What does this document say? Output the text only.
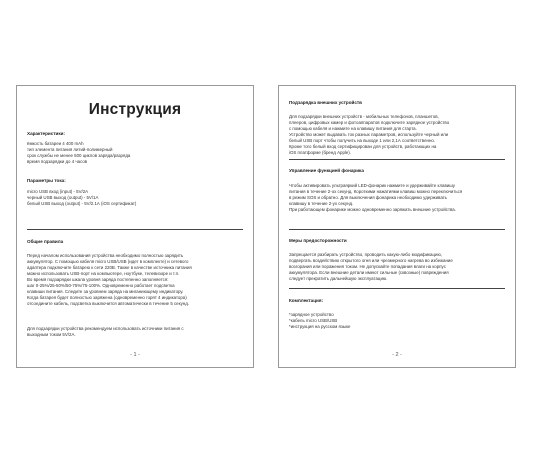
Инструкция
Характеристики:
ёмкость батареи 4 400 mAh
тип элемента питания литий-полимерный
срок службы не менее 500 циклов заряда/разряда
время подзарядки до 4 часов
Параметры тока:
micro USB вход (input) - 5V/2А
черный USB выход (output) - 5V/1А
белый USB выход (output) - 5V/2.1А (iOS сертификат)
Общие правила
Перед началом использования устройства необходимо полностью зарядить
аккумулятор. С помощью кабеля micro USB/USB (идет в комплекте) и сетевого
адаптера подключите батарею к сети 220В. Также в качестве источника питания
можно использовать USB-порт на компьютере, ноутбуке, телевизоре и т.п.
Во время подзарядки шкала уровня заряда постепенно заполняется:
шаг 0-25%/25-50%/50-75%/75-100%. Одновременно работает подсветка
клавиши питания. Следите за уровнем заряда на миганиющему индикатору.
Когда батарея будет полностью заряжена (одновременно горят 4 индикатора)
отсоедините кабель, подсветка выключится автоматически в течение 5 секунд.
Для подзарядки устройства рекомендуем использовать источники питания с
выходным током 5V/2А.

- 1 -

Подзарядка внешних устройств
Для подзарядки внешних устройств - мобильных телефонов, планшетов,
плееров, цифровых камер и фотоаппаратов подключите зарядное устройство
с помощью кабеля и нажмите на клавишу питания для старта.
Устройство может выдавать ток разных параметров, используйте черный или
белый USB порт чтобы получить на выходе 1 или 2,1А соответственно.
Кроме того белый вход сертифицирован для устройств, работающих на
iOS платформе (бренд Apple).
Управление функцией фонарика
Чтобы активировать ультраяркий LED-фонарик нажмите и удерживайте клавишу
питания в течение 2-ох секунд. Короткими нажатиями клавиш можно переключиться
в режим SOS и обратно. Для выключения фонарика необходимо удерживать
клавишу в течение 2-ух секунд.
При работающем фонарике можно одновременно заряжать внешние устройства.
Меры предосторожности
Запрещается разбирать устройство, проводить какую-либо модификацию,
подвергать воздействию открытого огня или чрезмерного нагрева во избежание
возгорания или поражения током. Не допускайте попадания влаги на корпус
аккумулятора. Если внешние детали имеют сильные (сквозные) повреждения
следует прекратить дальнейшую эксплуатацию.
Комплектация:
*зарядное устройство
*кабель micro USB/USB
*инструкция на русском языке

- 2 -
